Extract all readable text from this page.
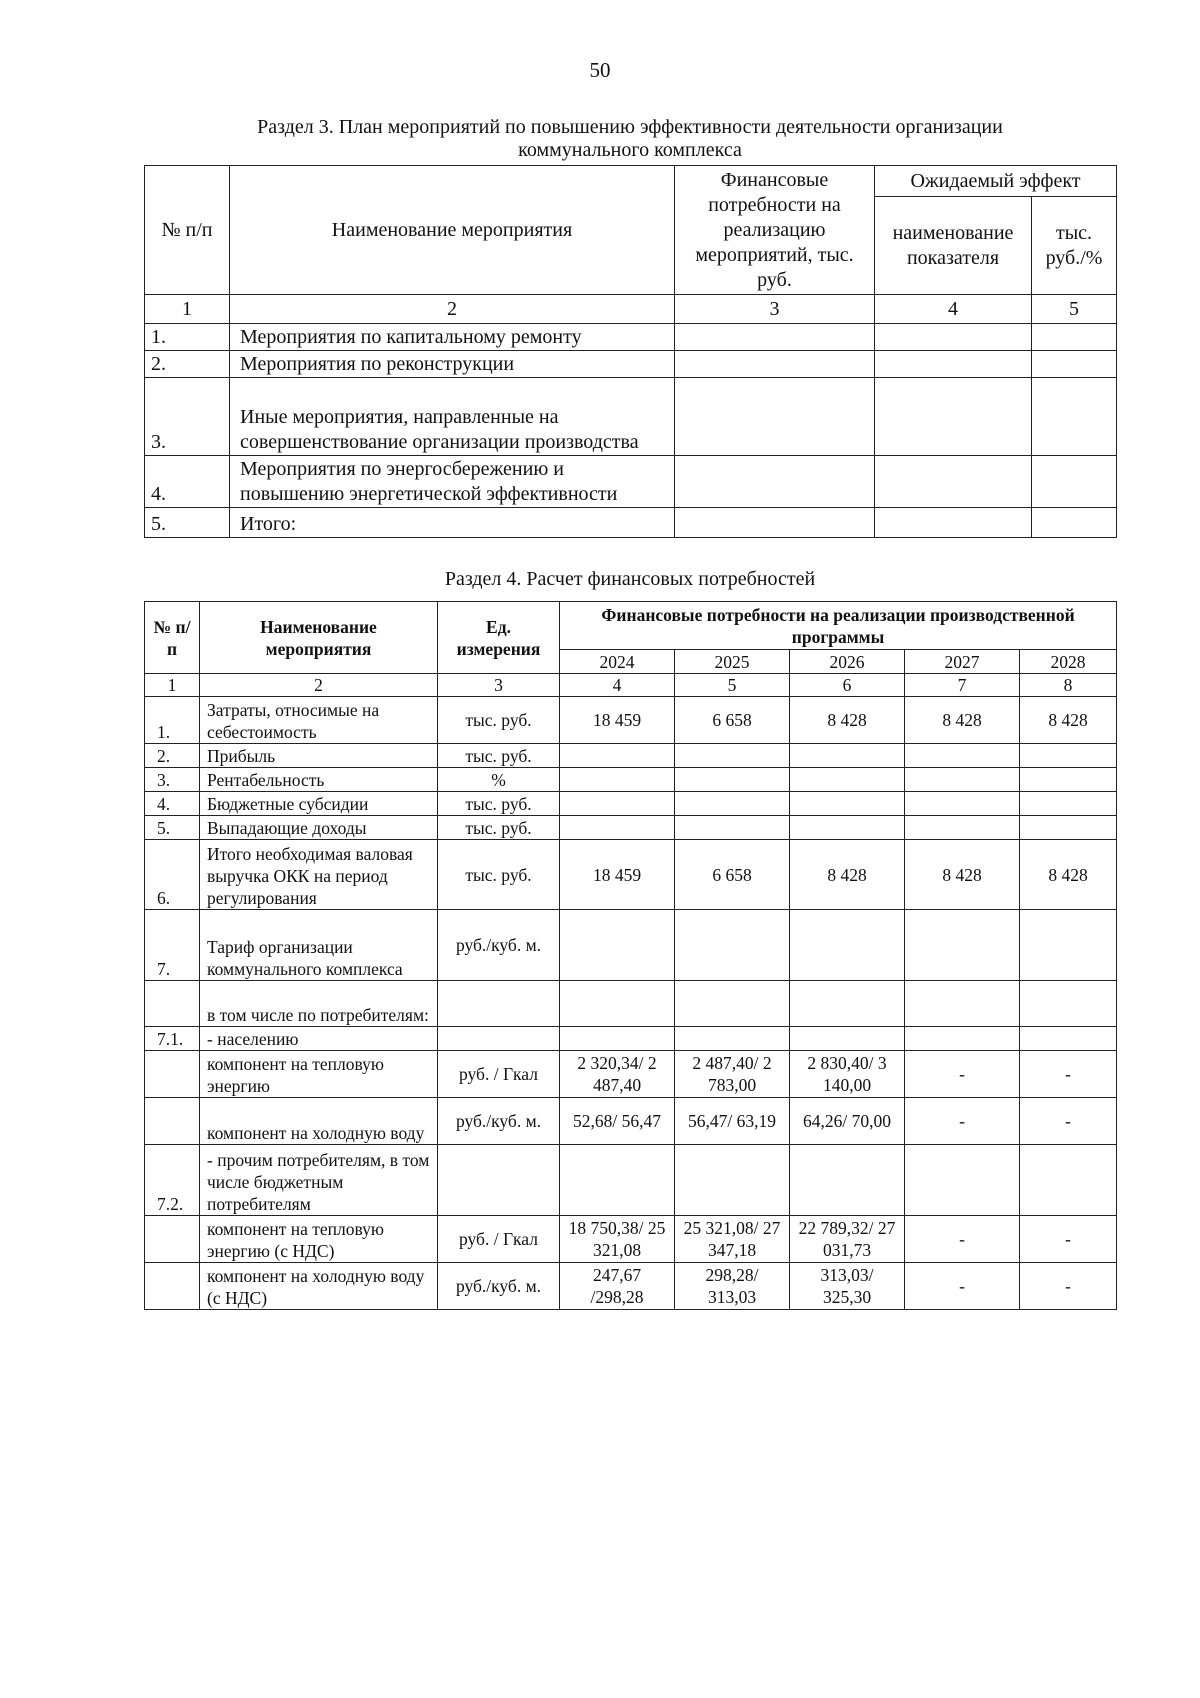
50
Раздел 3. План мероприятий по повышению эффективности деятельности организации
коммунального комплекса
№ п/п	Наименование мероприятия	Финансовые потребности на реализацию мероприятий, тыс. руб.	Ожидаемый эффект	
			наименование показателя	тыс. руб./%
1	2	3	4	5
1.	Мероприятия по капитальному ремонту			
2.	Мероприятия по реконструкции			
3.	Иные мероприятия, направленные на совершенствование организации производства			
4.	Мероприятия по энергосбережению и повышению энергетической эффективности			
5.	Итого:			
Раздел 4. Расчет финансовых потребностей
№ п/п	Наименование мероприятия	Ед. измерения	Финансовые потребности на реализации производственной программы				
			2024	2025	2026	2027	2028
1	2	3	4	5	6	7	8
1.	Затраты, относимые на себестоимость	тыс. руб.	18 459	6 658	8 428	8 428	8 428
2.	Прибыль	тыс. руб.					
3.	Рентабельность	%					
4.	Бюджетные субсидии	тыс. руб.					
5.	Выпадающие доходы	тыс. руб.					
6.	Итого необходимая валовая выручка ОКК на период регулирования	тыс. руб.	18 459	6 658	8 428	8 428	8 428
7.	Тариф организации коммунального комплекса	руб./куб. м.					
	в том числе по потребителям:						
7.1.	- населению						
	компонент на тепловую энергию	руб. / Гкал	2 320,34/ 2 487,40	2 487,40/ 2 783,00	2 830,40/ 3 140,00	-	-
	компонент на холодную воду	руб./куб. м.	52,68/ 56,47	56,47/ 63,19	64,26/ 70,00	-	-
7.2.	- прочим потребителям, в том числе бюджетным потребителям						
	компонент на тепловую энергию (с НДС)	руб. / Гкал	18 750,38/ 25 321,08	25 321,08/ 27 347,18	22 789,32/ 27 031,73	-	-
	компонент на холодную воду (с НДС)	руб./куб. м.	247,67 /298,28	298,28/ 313,03	313,03/ 325,30	-	-
